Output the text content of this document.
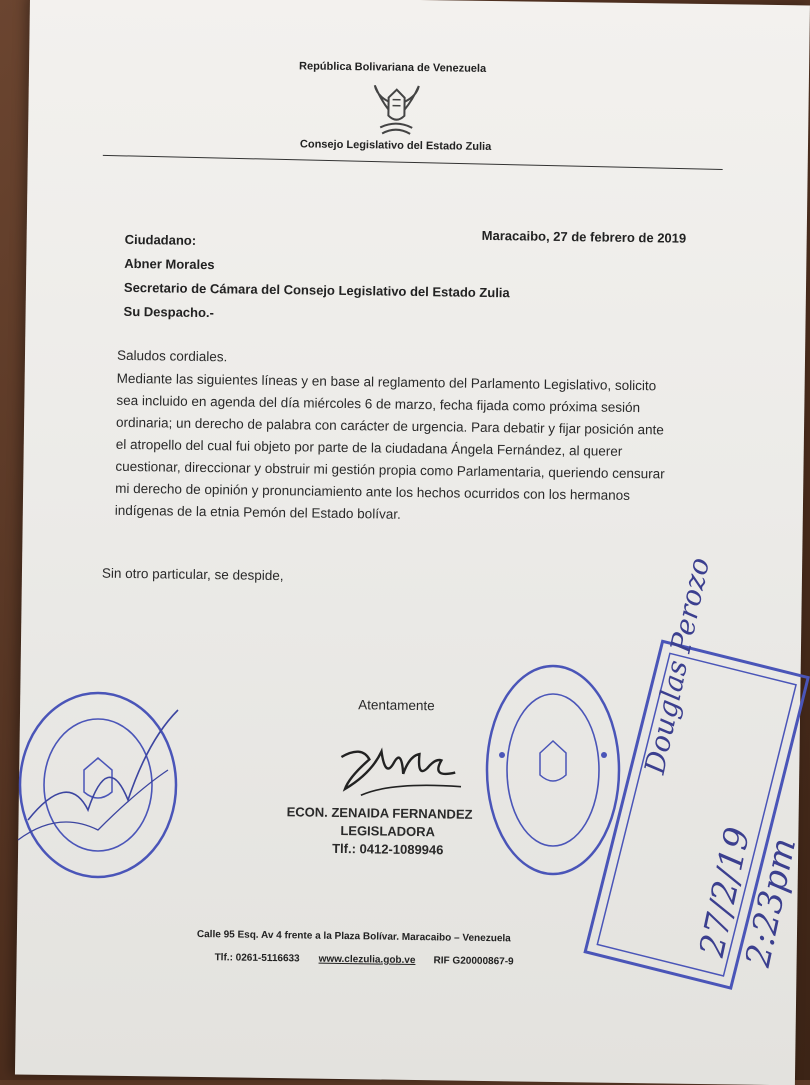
República Bolivariana de Venezuela
Consejo Legislativo del Estado Zulia
Maracaibo, 27 de febrero de 2019
Ciudadano:
Abner Morales
Secretario de Cámara del Consejo Legislativo del Estado Zulia
Su Despacho.-
Saludos cordiales.
Mediante las siguientes líneas y en base al reglamento del Parlamento Legislativo, solicito
sea incluido en agenda del día miércoles 6 de marzo, fecha fijada como próxima sesión
ordinaria; un derecho de palabra con carácter de urgencia. Para debatir y fijar posición ante
el atropello del cual fui objeto por parte de la ciudadana Ángela Fernández, al querer
cuestionar, direccionar y obstruir mi gestión propia como Parlamentaria, queriendo censurar
mi derecho de opinión y pronunciamiento ante los hechos ocurridos con los hermanos
indígenas de la etnia Pemón del Estado bolívar.
Sin otro particular, se despide,
Atentamente
ECON. ZENAIDA FERNANDEZ
LEGISLADORA
Tlf.: 0412-1089946
Calle 95 Esq. Av 4 frente a la Plaza Bolívar. Maracaibo – Venezuela
Tlf.: 0261-5116633 www.clezulia.gob.ve RIF G20000867-9
Douglas Perozo
27/2/19
2:23pm
